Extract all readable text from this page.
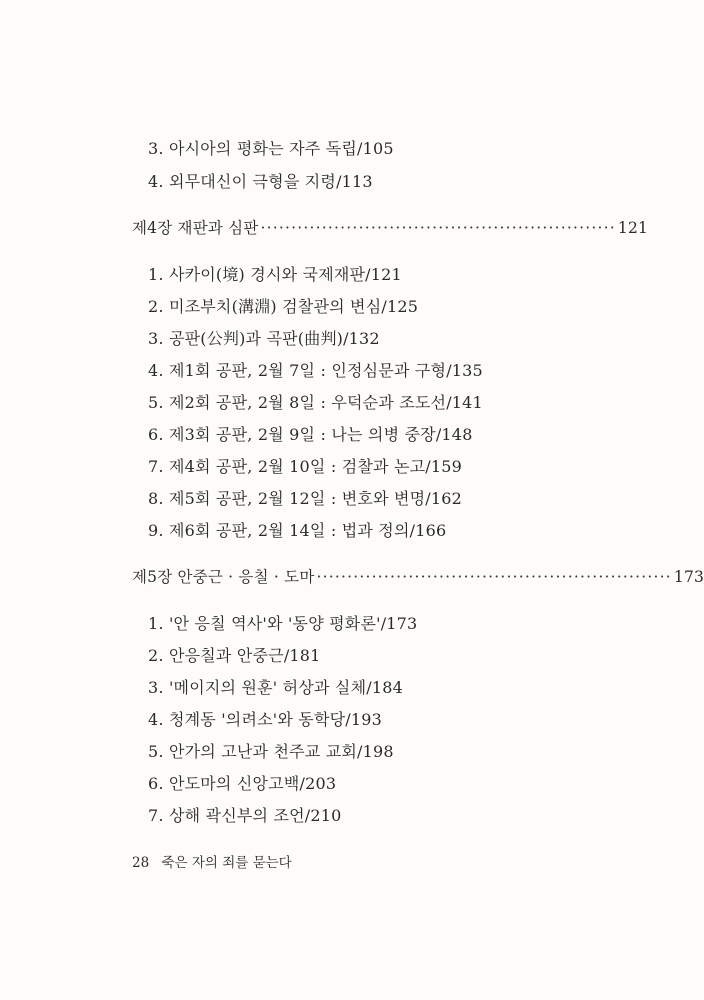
3. 아시아의 평화는 자주 독립/105
4. 외무대신이 극형을 지령/113
제4장 재판과 심판 ·························································· 121
1. 사카이(境) 경시와 국제재판/121
2. 미조부치(溝淵) 검찰관의 변심/125
3. 공판(公判)과 곡판(曲判)/132
4. 제1회 공판, 2월 7일 : 인정심문과 구형/135
5. 제2회 공판, 2월 8일 : 우덕순과 조도선/141
6. 제3회 공판, 2월 9일 : 나는 의병 중장/148
7. 제4회 공판, 2월 10일 : 검찰과 논고/159
8. 제5회 공판, 2월 12일 : 변호와 변명/162
9. 제6회 공판, 2월 14일 : 법과 정의/166
제5장 안중근 · 응칠 · 도마 ·························································· 173
1. '안 응칠 역사'와 '동양 평화론'/173
2. 안응칠과 안중근/181
3. '메이지의 원훈' 허상과 실체/184
4. 청계동 '의려소'와 동학당/193
5. 안가의 고난과 천주교 교회/198
6. 안도마의 신앙고백/203
7. 상해 곽신부의 조언/210
28 죽은 자의 죄를 묻는다
